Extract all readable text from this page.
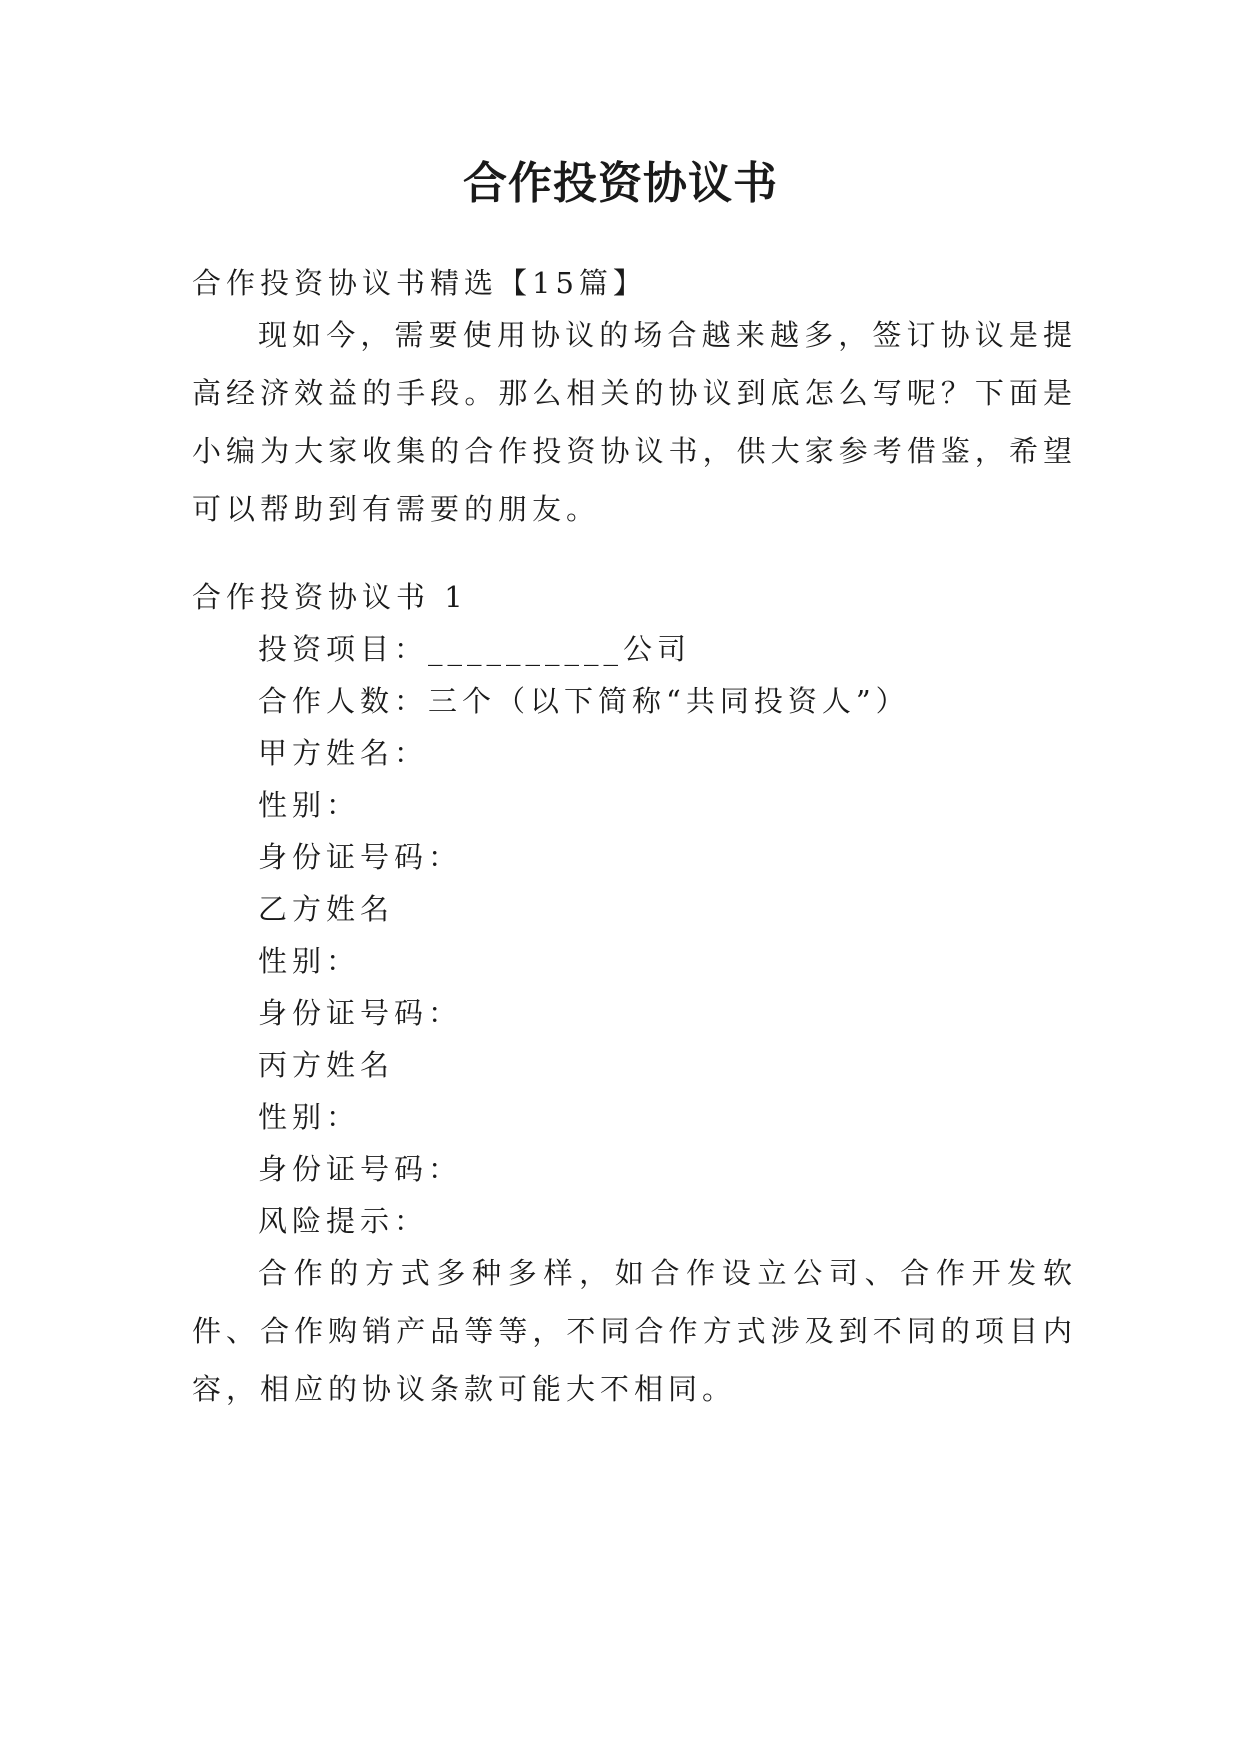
合作投资协议书

合作投资协议书精选【15篇】

现如今，需要使用协议的场合越来越多，签订协议是提高经济效益的手段。那么相关的协议到底怎么写呢？下面是小编为大家收集的合作投资协议书，供大家参考借鉴，希望可以帮助到有需要的朋友。

合作投资协议书 1

投资项目：__________公司

合作人数：三个（以下简称“共同投资人”）

甲方姓名：

性别：

身份证号码：

乙方姓名

性别：

身份证号码：

丙方姓名

性别：

身份证号码：

风险提示：

合作的方式多种多样，如合作设立公司、合作开发软件、合作购销产品等等，不同合作方式涉及到不同的项目内容，相应的协议条款可能大不相同。
